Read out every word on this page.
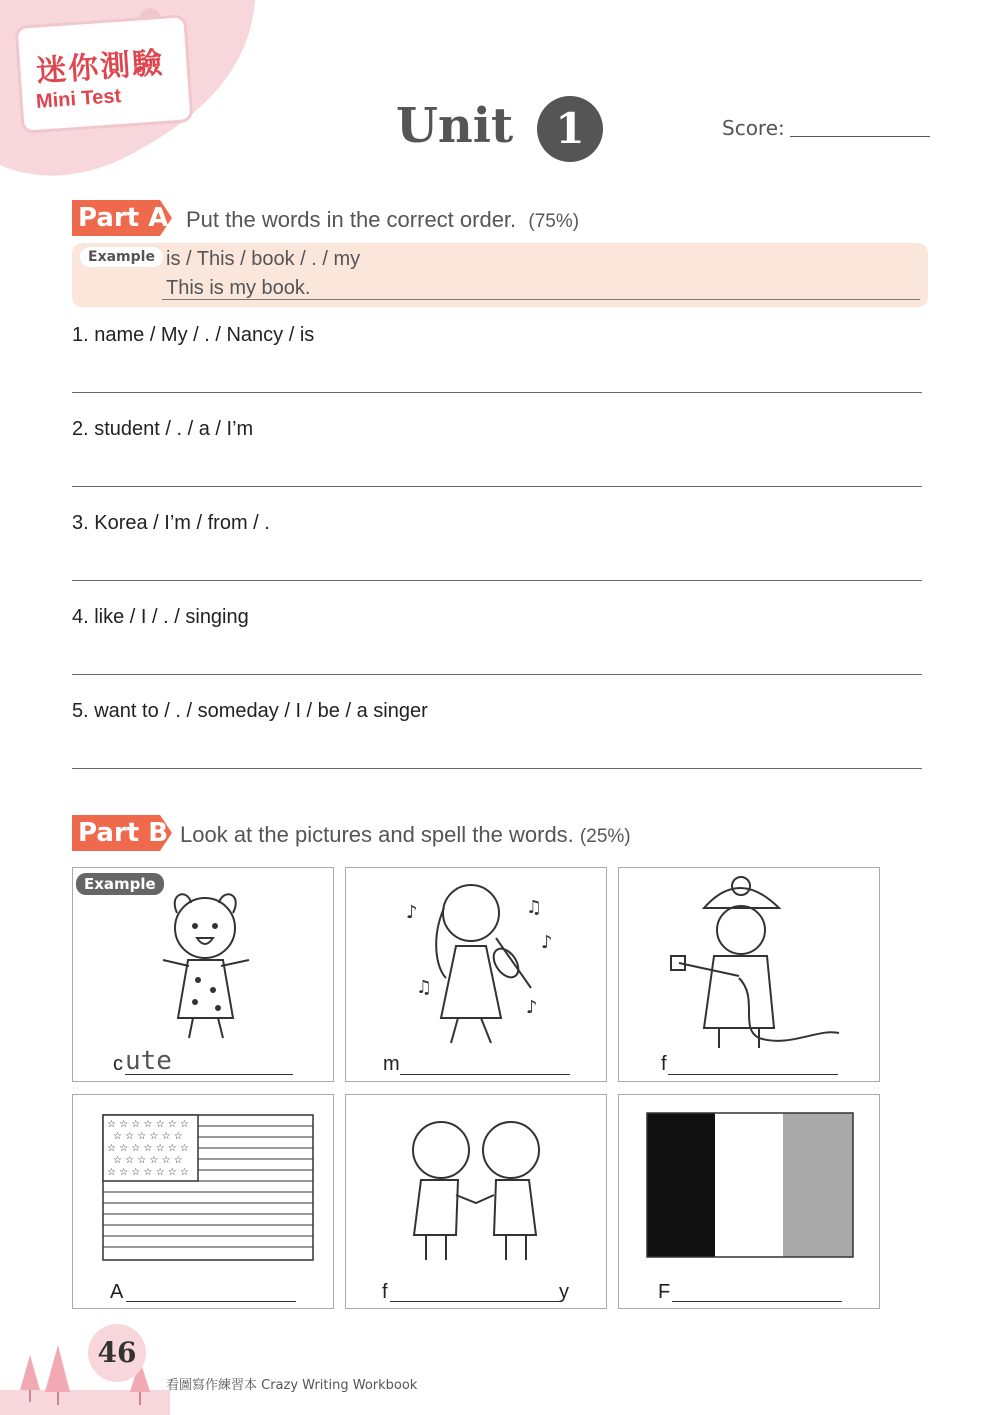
迷你測驗
Mini Test	Unit	1	Score:
Part A Put the words in the correct order. (75%)
Example is / This / book / . / my
This is my book.
1. name / My / . / Nancy / is
2. student / . / a / I’m
3. Korea / I’m / from / .
4. like / I / . / singing
5. want to / . / someday / I / be / a singer
Part B Look at the pictures and spell the words. (25%)
Example
c ute
♪	♫
♫
♪
♪
m	f
☆ ☆ ☆ ☆ ☆ ☆ ☆
☆ ☆ ☆ ☆ ☆ ☆
☆ ☆ ☆ ☆ ☆ ☆ ☆
☆ ☆ ☆ ☆ ☆ ☆
☆ ☆ ☆ ☆ ☆ ☆ ☆
A	f	y	F
46
看圖寫作練習本 Crazy Writing Workbook
